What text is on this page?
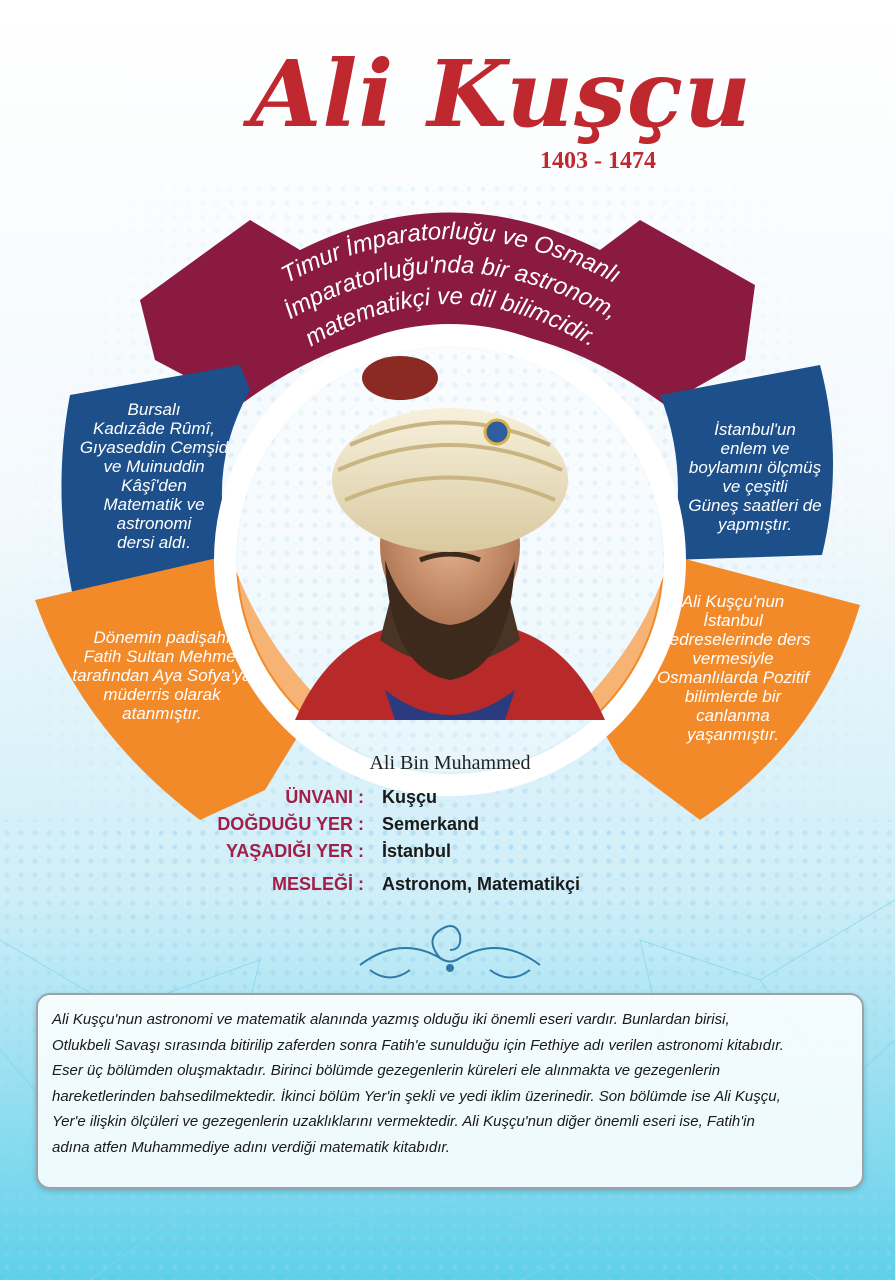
Timur İmparatorluğu ve Osmanlı
İmparatorluğu'nda bir astronom,
matematikçi ve dil bilimcidir.
Ali Kuşçu
1403 - 1474
Bursalı
Kadızâde Rûmî,
Gıyaseddin Cemşid
ve Muinuddin
Kâşî'den
Matematik ve
astronomi
dersi aldı.
İstanbul'un
enlem ve
boylamını ölçmüş
ve çeşitli
Güneş saatleri de
yapmıştır.
Dönemin padişahı
Fatih Sultan Mehmet
tarafından Aya Sofya'ya
müderris olarak
atanmıştır.
Ali Kuşçu'nun
İstanbul
Medreselerinde ders
vermesiyle
Osmanlılarda Pozitif
bilimlerde bir
canlanma
yaşanmıştır.
Ali Bin Muhammed
ÜNVANI : Kuşçu
DOĞDUĞU YER : Semerkand
YAŞADIĞI YER : İstanbul
MESLEĞİ : Astronom, Matematikçi
Ali Kuşçu'nun astronomi ve matematik alanında yazmış olduğu iki önemli eseri vardır. Bunlardan birisi,
Otlukbeli Savaşı sırasında bitirilip zaferden sonra Fatih'e sunulduğu için Fethiye adı verilen astronomi kitabıdır.
Eser üç bölümden oluşmaktadır. Birinci bölümde gezegenlerin küreleri ele alınmakta ve gezegenlerin
hareketlerinden bahsedilmektedir. İkinci bölüm Yer'in şekli ve yedi iklim üzerinedir. Son bölümde ise Ali Kuşçu,
Yer'e ilişkin ölçüleri ve gezegenlerin uzaklıklarını vermektedir. Ali Kuşçu'nun diğer önemli eseri ise, Fatih'in
adına atfen Muhammediye adını verdiği matematik kitabıdır.
